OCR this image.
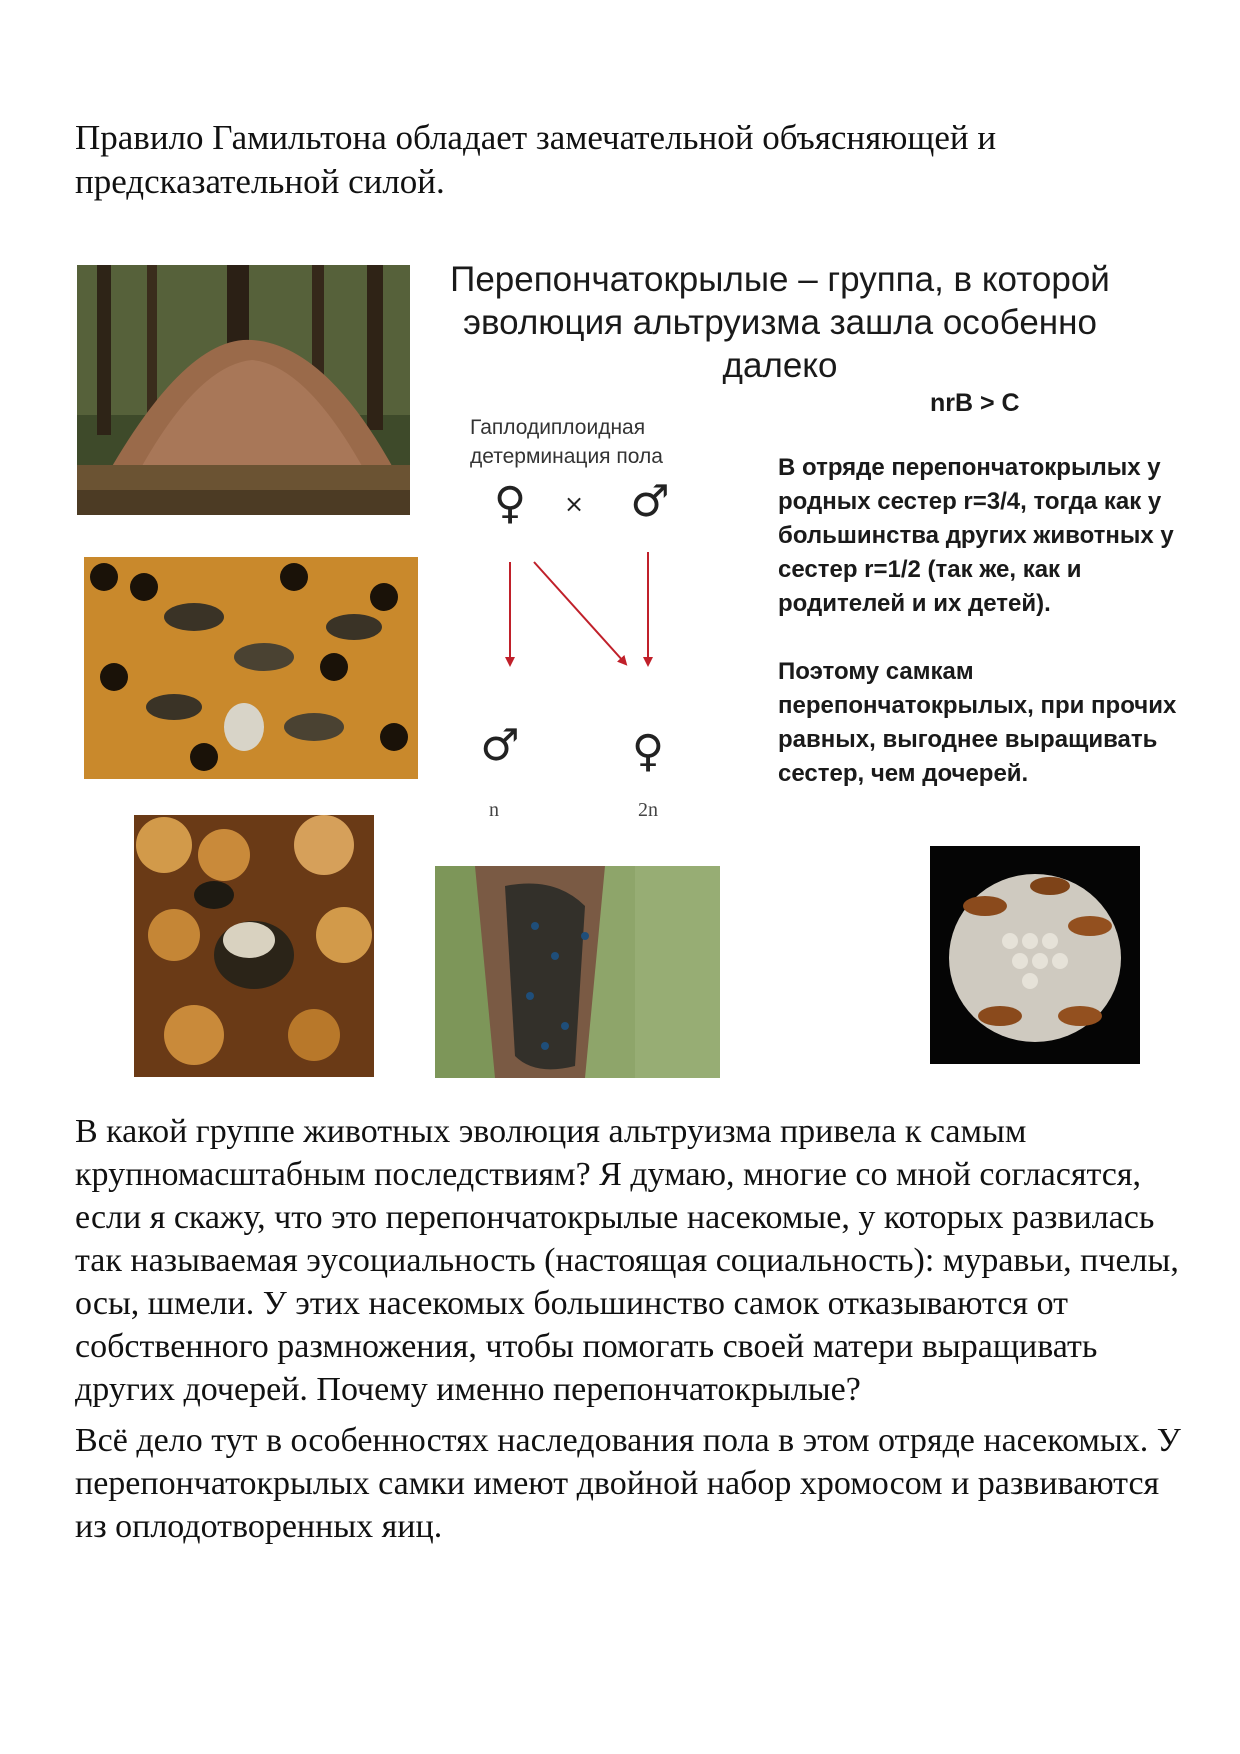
Правило Гамильтона обладает замечательной объясняющей и предсказательной силой.
Перепончатокрылые – группа, в которой эволюция альтруизма зашла особенно далеко
nrB > C
Гаплодиплоидная детерминация пола
♀ × ♂
♂	♀
n	2n

В отряде перепончатокрылых у родных сестер r=3/4, тогда как у большинства других животных у сестер r=1/2 (так же, как и родителей и их детей).

Поэтому самкам перепончатокрылых, при прочих равных, выгоднее выращивать сестер, чем дочерей.

В какой группе животных эволюция альтруизма привела к самым крупномасштабным последствиям? Я думаю, многие со мной согласятся, если я скажу, что это перепончатокрылые насекомые, у которых развилась так называемая эусоциальность (настоящая социальность): муравьи, пчелы, осы, шмели. У этих насекомых большинство самок отказываются от собственного размножения, чтобы помогать своей матери выращивать других дочерей. Почему именно перепончатокрылые?

Всё дело тут в особенностях наследования пола в этом отряде насекомых. У перепончатокрылых самки имеют двойной набор хромосом и развиваются из оплодотворенных яиц.
